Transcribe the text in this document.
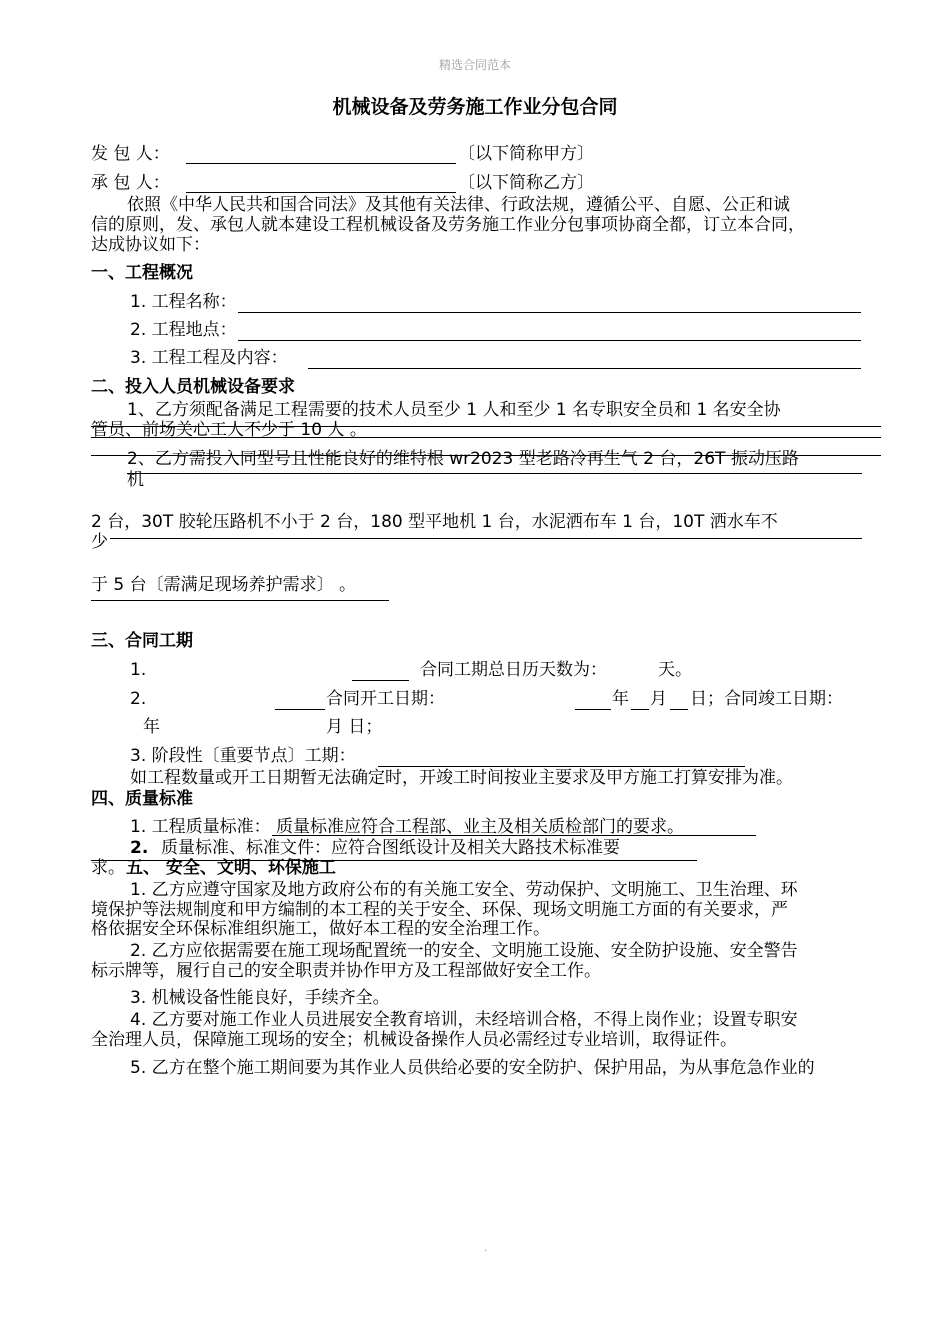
精选合同范本
机械设备及劳务施工作业分包合同
发 包 人：	〔以下简称甲方〕
承 包 人：	〔以下简称乙方〕
依照《中华人民共和国合同法》及其他有关法律、行政法规，遵循公平、自愿、公正和诚
信的原则，发、承包人就本建设工程机械设备及劳务施工作业分包事项协商全都，订立本合同，
达成协议如下：
一、工程概况
1. 工程名称：
2. 工程地点：
3. 工程工程及内容：
二、投入人员机械设备要求
1、乙方须配备满足工程需要的技术人员至少 1 人和至少 1 名专职安全员和 1 名安全协
管员、前场关心工人不少于 10 人 。
2、乙方需投入同型号且性能良好的维特根 wr2023 型老路冷再生气 2 台，26T 振动压路
机
2 台，30T 胶轮压路机不小于 2 台，180 型平地机 1 台，水泥洒布车 1 台，10T 洒水车不
少
于 5 台〔需满足现场养护需求〕 。
三、合同工期
1.	合同工期总日历天数为：	天。
2.	合同开工日期：	年 月 日；合同竣工日期：
年	月 日；
3. 阶段性〔重要节点〕工期：
如工程数量或开工日期暂无法确定时，开竣工时间按业主要求及甲方施工打算安排为准。
四、质量标准
1. 工程质量标准： 质量标准应符合工程部、业主及相关质检部门的要求。
2. 质量标准、标准文件：应符合图纸设计及相关大路技术标准要
求。 五、 安全、文明、环保施工
1. 乙方应遵守国家及地方政府公布的有关施工安全、劳动保护、文明施工、卫生治理、环
境保护等法规制度和甲方编制的本工程的关于安全、环保、现场文明施工方面的有关要求，严
格依据安全环保标准组织施工，做好本工程的安全治理工作。
2. 乙方应依据需要在施工现场配置统一的安全、文明施工设施、安全防护设施、安全警告
标示牌等，履行自己的安全职责并协作甲方及工程部做好安全工作。
3. 机械设备性能良好，手续齐全。
4. 乙方要对施工作业人员进展安全教育培训，未经培训合格，不得上岗作业；设置专职安
全治理人员，保障施工现场的安全；机械设备操作人员必需经过专业培训，取得证件。
5. 乙方在整个施工期间要为其作业人员供给必要的安全防护、保护用品，为从事危急作业的
.
